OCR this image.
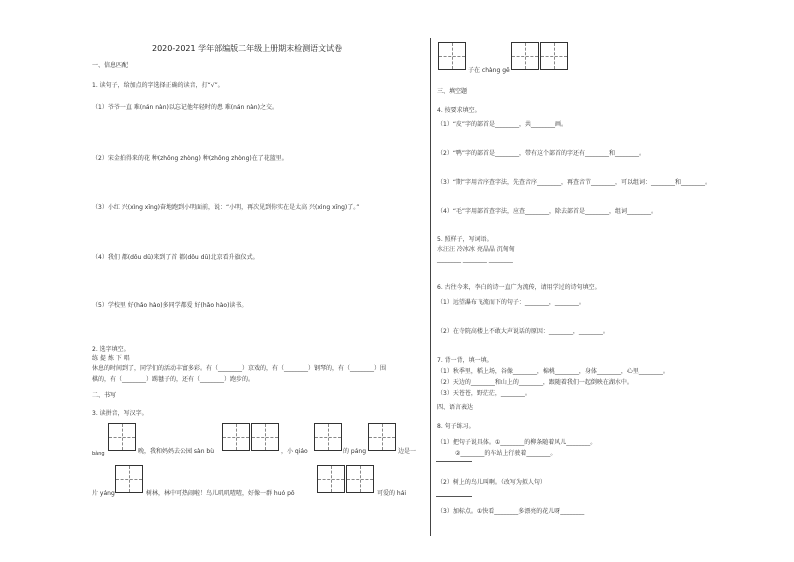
2020-2021 学年部编版二年级上册期末检测语文试卷
一、信息匹配
1. 读句子，给加点的字选择正确的读音，打“√”。
（1）爷爷一直 难(nán nàn)以忘记他年轻时的患 难(nán nàn)之交。
（2）宋金拍得来的花 种(zhōng zhòng) 种(zhōng zhòng)在了花篮里。
（3）小红 兴(xìng xīng)奋地跑到小明面前，说：“小明，再次见到你实在是太高 兴(xìng xīng)了。”
（4）我们 都(dōu dū)来到了首 都(dōu dū)北京看升旗仪式。
（5）学校里 好(hǎo hào)多同学都爱 好(hǎo hào)读书。
2. 选字填空。
练 提 炼 下 唱
休息的时间到了，同学们的活动丰富多彩。有（________）京戏的，有（________）钢琴的，有（________）围
棋的，有（________）踢毽子的，还有（________）跑步的。
二、书写
3. 读拼音，写汉字。
bàng	晚，我和妈妈去公园 sàn bù	，小 qiáo	的 páng	边是一
片 yáng	树林，林中可热闹啦！鸟儿叽叽喳喳，好像一群 huó pō	可爱的 hái
子在 chàng gē
三、填空题
4. 按要求填空。
（1）“皮”字的部首是________，共________画。
（2）“鸭”字的部首是________，带有这个部首的字还有________和________。
（3）“期”字用音序查字法，先查音序________，再查音节________，可以组词：________和________。
（4）“毛”字用部首查字法，应查________，除去部首是________，组词________。
5. 照样子，写词语。
水汪汪 冷冰冰 亮晶晶 沉甸甸
________ ________ ________
6. 古往今来，李白的诗一直广为流传，请用学过的诗句填空。
（1）远望瀑布飞流而下的句子：________，________。
（2）在寺院高楼上不敢大声说话的原因：________，________。
7. 背一背，填一填。
（1）秋季里，稻上场，谷像________，棉桃________，身体________，心里________。
（2）天边的________和山上的________，跟随着我们一起倒映在湖水中。
（3）天苍苍，野茫茫，________。
四、语言表达
8. 句子练习。
（1）把句子说具体。①________的柳条随着风儿________。
②________的车站上行驶着________。
（2）树上的鸟儿叫啊。（改写为拟人句）
（3）加标点。①快看________多漂亮的花儿呀________
